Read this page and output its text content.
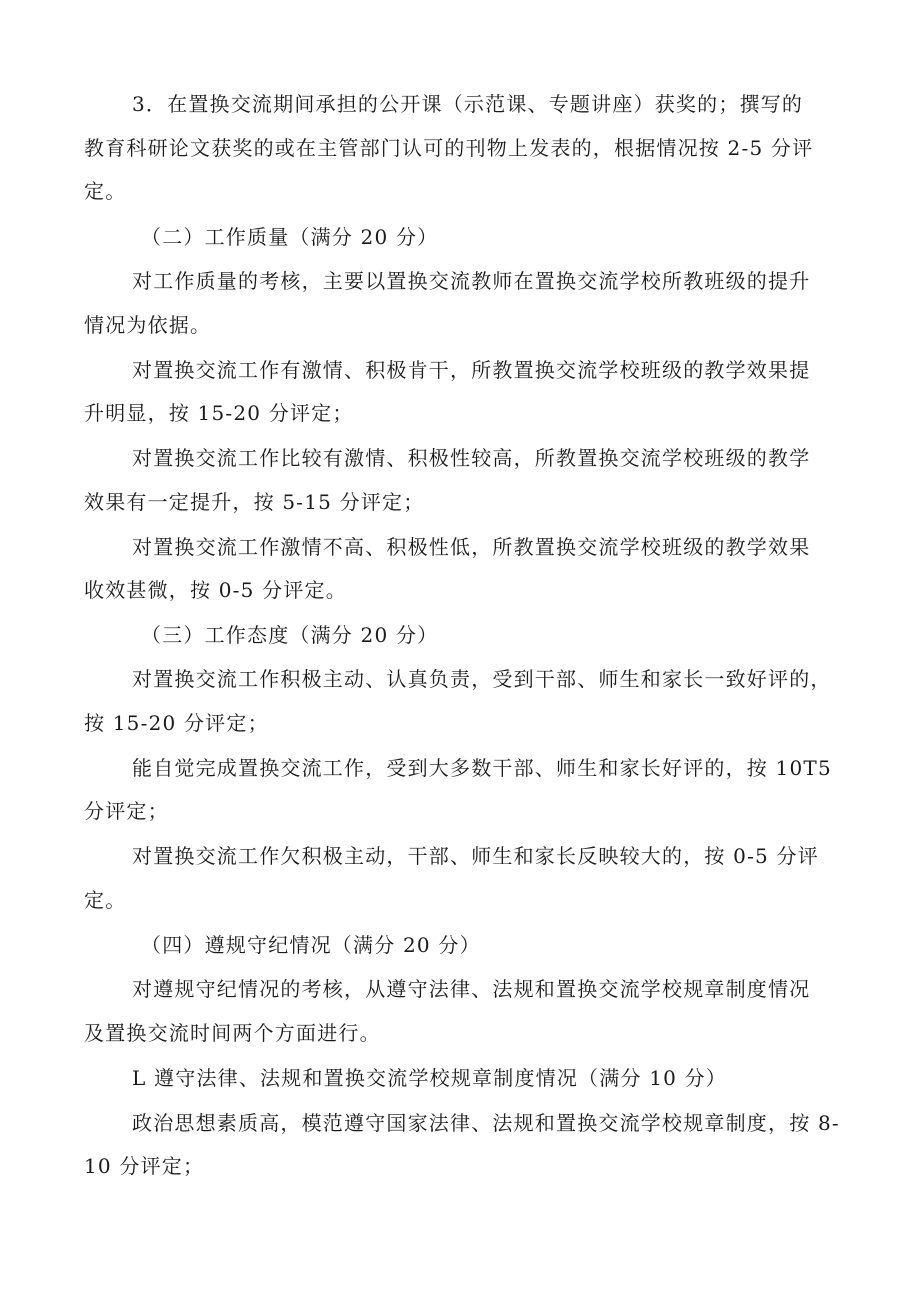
3．在置换交流期间承担的公开课（示范课、专题讲座）获奖的；撰写的
教育科研论文获奖的或在主管部门认可的刊物上发表的，根据情况按 2-5 分评
定。
（二）工作质量（满分 20 分）
对工作质量的考核，主要以置换交流教师在置换交流学校所教班级的提升
情况为依据。
对置换交流工作有激情、积极肯干，所教置换交流学校班级的教学效果提
升明显，按 15-20 分评定；
对置换交流工作比较有激情、积极性较高，所教置换交流学校班级的教学
效果有一定提升，按 5-15 分评定；
对置换交流工作激情不高、积极性低，所教置换交流学校班级的教学效果
收效甚微，按 0-5 分评定。
（三）工作态度（满分 20 分）
对置换交流工作积极主动、认真负责，受到干部、师生和家长一致好评的，
按 15-20 分评定；
能自觉完成置换交流工作，受到大多数干部、师生和家长好评的，按 10T5
分评定；
对置换交流工作欠积极主动，干部、师生和家长反映较大的，按 0-5 分评
定。
（四）遵规守纪情况（满分 20 分）
对遵规守纪情况的考核，从遵守法律、法规和置换交流学校规章制度情况
及置换交流时间两个方面进行。
L 遵守法律、法规和置换交流学校规章制度情况（满分 10 分）
政治思想素质高，模范遵守国家法律、法规和置换交流学校规章制度，按 8-
10 分评定；
